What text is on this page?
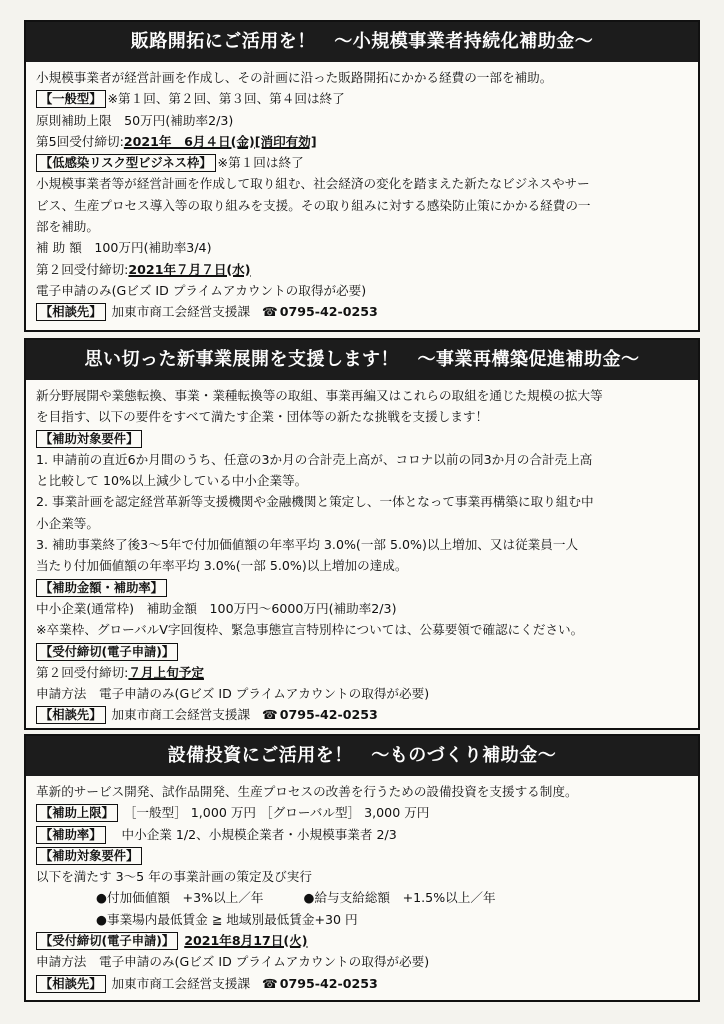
販路開拓にご活用を！　～小規模事業者持続化補助金～
小規模事業者が経営計画を作成し、その計画に沿った販路開拓にかかる経費の一部を補助。
【一般型】 ※第１回、第２回、第３回、第４回は終了
原則補助上限　50万円(補助率2/3)
第5回受付締切:2021年　6月４日(金)[消印有効]
【低感染リスク型ビジネス枠】 ※第１回は終了
小規模事業者等が経営計画を作成して取り組む、社会経済の変化を踏まえた新たなビジネスやサー
ビス、生産プロセス導入等の取り組みを支援。その取り組みに対する感染防止策にかかる経費の一
部を補助。
補 助 額　100万円(補助率3/4)
第２回受付締切:2021年７月７日(水)
電子申請のみ(Gビズ ID プライムアカウントの取得が必要)
【相談先】 加東市商工会経営支援課 ☎ 0795-42-0253
思い切った新事業展開を支援します！　～事業再構築促進補助金～
新分野展開や業態転換、事業・業種転換等の取組、事業再編又はこれらの取組を通じた規模の拡大等
を目指す、以下の要件をすべて満たす企業・団体等の新たな挑戦を支援します！
【補助対象要件】
1. 申請前の直近6か月間のうち、任意の3か月の合計売上高が、コロナ以前の同3か月の合計売上高
と比較して 10%以上減少している中小企業等。
2. 事業計画を認定経営革新等支援機関や金融機関と策定し、一体となって事業再構築に取り組む中
小企業等。
3. 補助事業終了後3～5年で付加価値額の年率平均 3.0%(一部 5.0%)以上増加、又は従業員一人
当たり付加価値額の年率平均 3.0%(一部 5.0%)以上増加の達成。
【補助金額・補助率】
中小企業(通常枠)　補助金額　100万円～6000万円(補助率2/3)
※卒業枠、グローバルV字回復枠、緊急事態宣言特別枠については、公募要領で確認にください。
【受付締切(電子申請)】
第２回受付締切:７月上旬予定
申請方法　電子申請のみ(Gビズ ID プライムアカウントの取得が必要)
【相談先】 加東市商工会経営支援課 ☎ 0795-42-0253
設備投資にご活用を！　～ものづくり補助金～
革新的サービス開発、試作品開発、生産プロセスの改善を行うための設備投資を支援する制度。
【補助上限】 ［一般型］ 1,000 万円 ［グローバル型］ 3,000 万円
【補助率】 中小企業 1/2、小規模企業者・小規模事業者 2/3
【補助対象要件】
以下を満たす 3～5 年の事業計画の策定及び実行
●付加価値額　+3%以上／年	●給与支給総額　+1.5%以上／年
●事業場内最低賃金 ≧ 地域別最低賃金+30 円
【受付締切(電子申請)】 2021年8月17日(火)
申請方法　電子申請のみ(Gビズ ID プライムアカウントの取得が必要)
【相談先】 加東市商工会経営支援課 ☎ 0795-42-0253
